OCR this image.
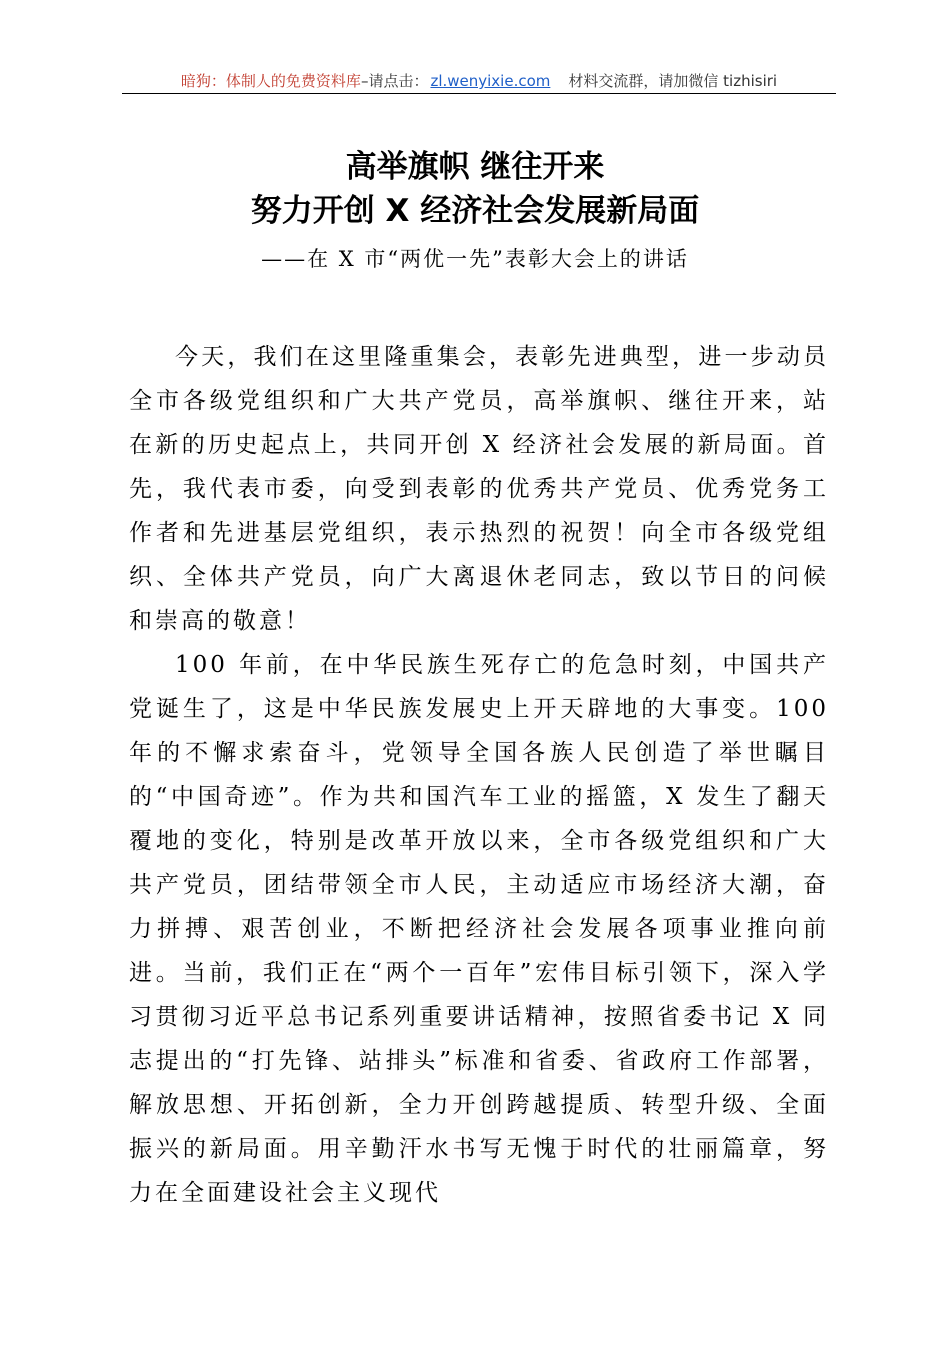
暗狗：体制人的免费资料库–请点击： zl.wenyixie.com 材料交流群，请加微信 tizhisiri
高举旗帜 继往开来
努力开创 X 经济社会发展新局面
——在 X 市“两优一先”表彰大会上的讲话

今天，我们在这里隆重集会，表彰先进典型，进一步动员全市各级党组织和广大共产党员，高举旗帜、继往开来，站在新的历史起点上，共同开创 X 经济社会发展的新局面。首先，我代表市委，向受到表彰的优秀共产党员、优秀党务工作者和先进基层党组织，表示热烈的祝贺！向全市各级党组织、全体共产党员，向广大离退休老同志，致以节日的问候和崇高的敬意！

100 年前，在中华民族生死存亡的危急时刻，中国共产党诞生了，这是中华民族发展史上开天辟地的大事变。100 年的不懈求索奋斗，党领导全国各族人民创造了举世瞩目的“中国奇迹”。作为共和国汽车工业的摇篮，X 发生了翻天覆地的变化，特别是改革开放以来，全市各级党组织和广大共产党员，团结带领全市人民，主动适应市场经济大潮，奋力拼搏、艰苦创业，不断把经济社会发展各项事业推向前进。当前，我们正在“两个一百年”宏伟目标引领下，深入学习贯彻习近平总书记系列重要讲话精神，按照省委书记 X 同志提出的“打先锋、站排头”标准和省委、省政府工作部署，解放思想、开拓创新，全力开创跨越提质、转型升级、全面振兴的新局面。用辛勤汗水书写无愧于时代的壮丽篇章，努力在全面建设社会主义现代
